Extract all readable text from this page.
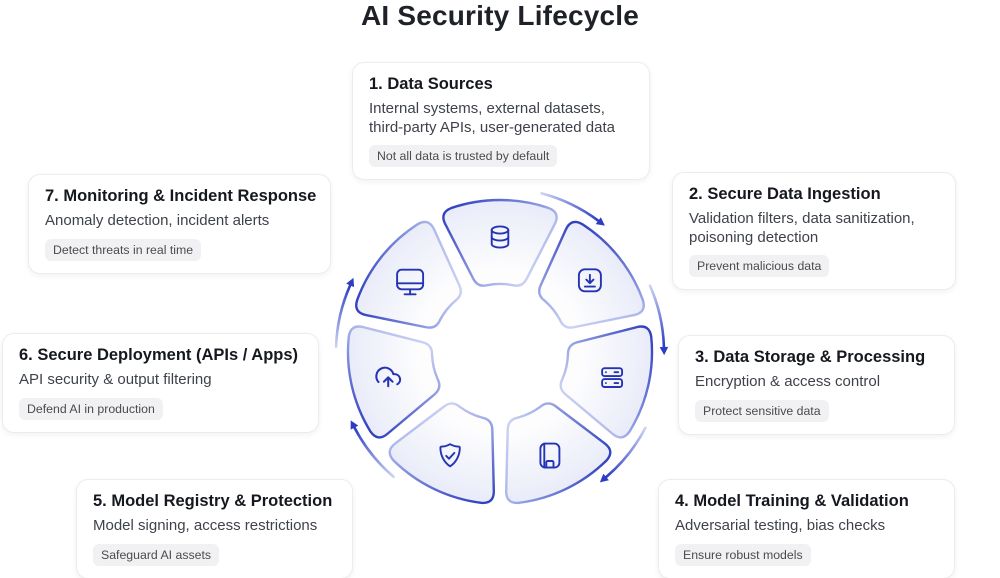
AI Security Lifecycle
1. Data Sources

Internal systems, external datasets, third-party APIs, user-generated data

Not all data is trusted by default
2. Secure Data Ingestion

Validation filters, data sanitization, poisoning detection

Prevent malicious data
3. Data Storage & Processing

Encryption & access control

Protect sensitive data
4. Model Training & Validation

Adversarial testing, bias checks

Ensure robust models
5. Model Registry & Protection

Model signing, access restrictions

Safeguard AI assets
6. Secure Deployment (APIs / Apps)

API security & output filtering

Defend AI in production
7. Monitoring & Incident Response

Anomaly detection, incident alerts

Detect threats in real time
